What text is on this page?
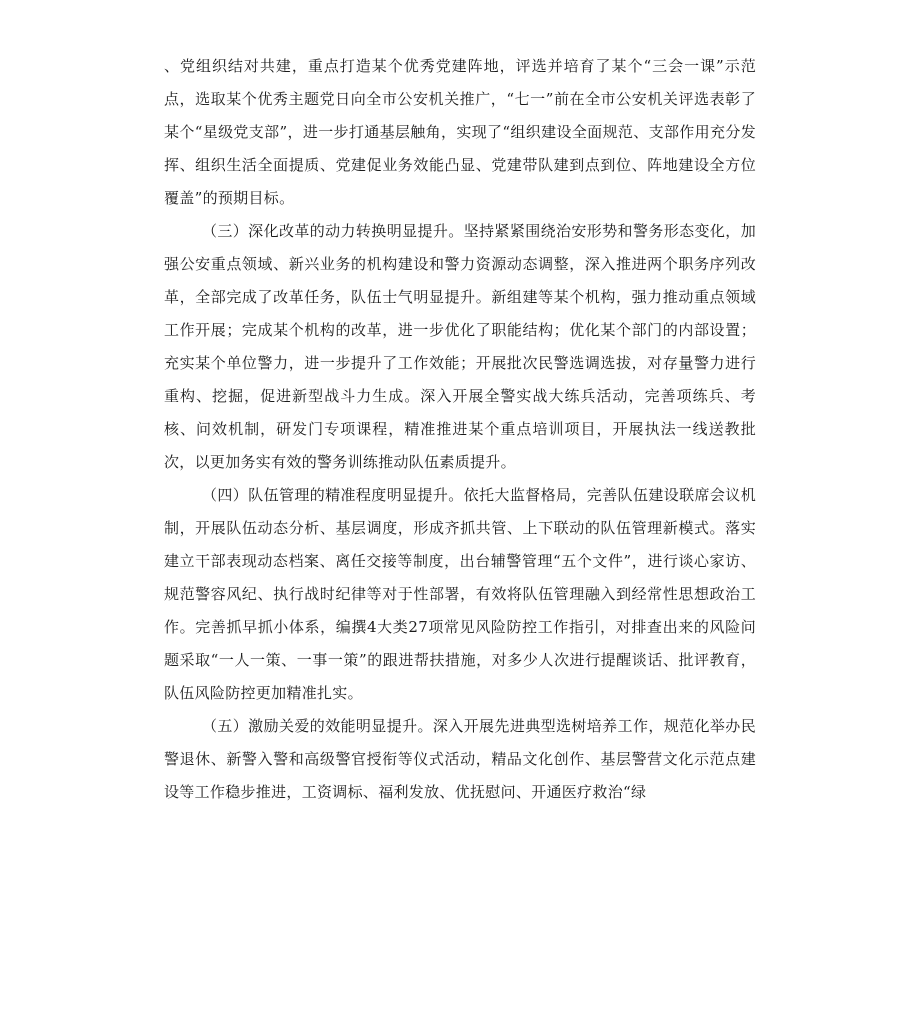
、党组织结对共建，重点打造某个优秀党建阵地，评选并培育了某个“三会一课”示范点，选取某个优秀主题党日向全市公安机关推广，“七一”前在全市公安机关评选表彰了某个“星级党支部”，进一步打通基层触角，实现了“组织建设全面规范、支部作用充分发挥、组织生活全面提质、党建促业务效能凸显、党建带队建到点到位、阵地建设全方位覆盖”的预期目标。

（三）深化改革的动力转换明显提升。坚持紧紧围绕治安形势和警务形态变化，加强公安重点领域、新兴业务的机构建设和警力资源动态调整，深入推进两个职务序列改革，全部完成了改革任务，队伍士气明显提升。新组建等某个机构，强力推动重点领域工作开展；完成某个机构的改革，进一步优化了职能结构；优化某个部门的内部设置；充实某个单位警力，进一步提升了工作效能；开展批次民警选调选拔，对存量警力进行重构、挖掘，促进新型战斗力生成。深入开展全警实战大练兵活动，完善项练兵、考核、问效机制，研发门专项课程，精准推进某个重点培训项目，开展执法一线送教批次，以更加务实有效的警务训练推动队伍素质提升。

（四）队伍管理的精准程度明显提升。依托大监督格局，完善队伍建设联席会议机制，开展队伍动态分析、基层调度，形成齐抓共管、上下联动的队伍管理新模式。落实建立干部表现动态档案、离任交接等制度，出台辅警管理“五个文件”，进行谈心家访、规范警容风纪、执行战时纪律等对于性部署，有效将队伍管理融入到经常性思想政治工作。完善抓早抓小体系，编撰4大类27项常见风险防控工作指引，对排查出来的风险问题采取“一人一策、一事一策”的跟进帮扶措施，对多少人次进行提醒谈话、批评教育，队伍风险防控更加精准扎实。

（五）激励关爱的效能明显提升。深入开展先进典型选树培养工作，规范化举办民警退休、新警入警和高级警官授衔等仪式活动，精品文化创作、基层警营文化示范点建设等工作稳步推进，工资调标、福利发放、优抚慰问、开通医疗救治“绿
